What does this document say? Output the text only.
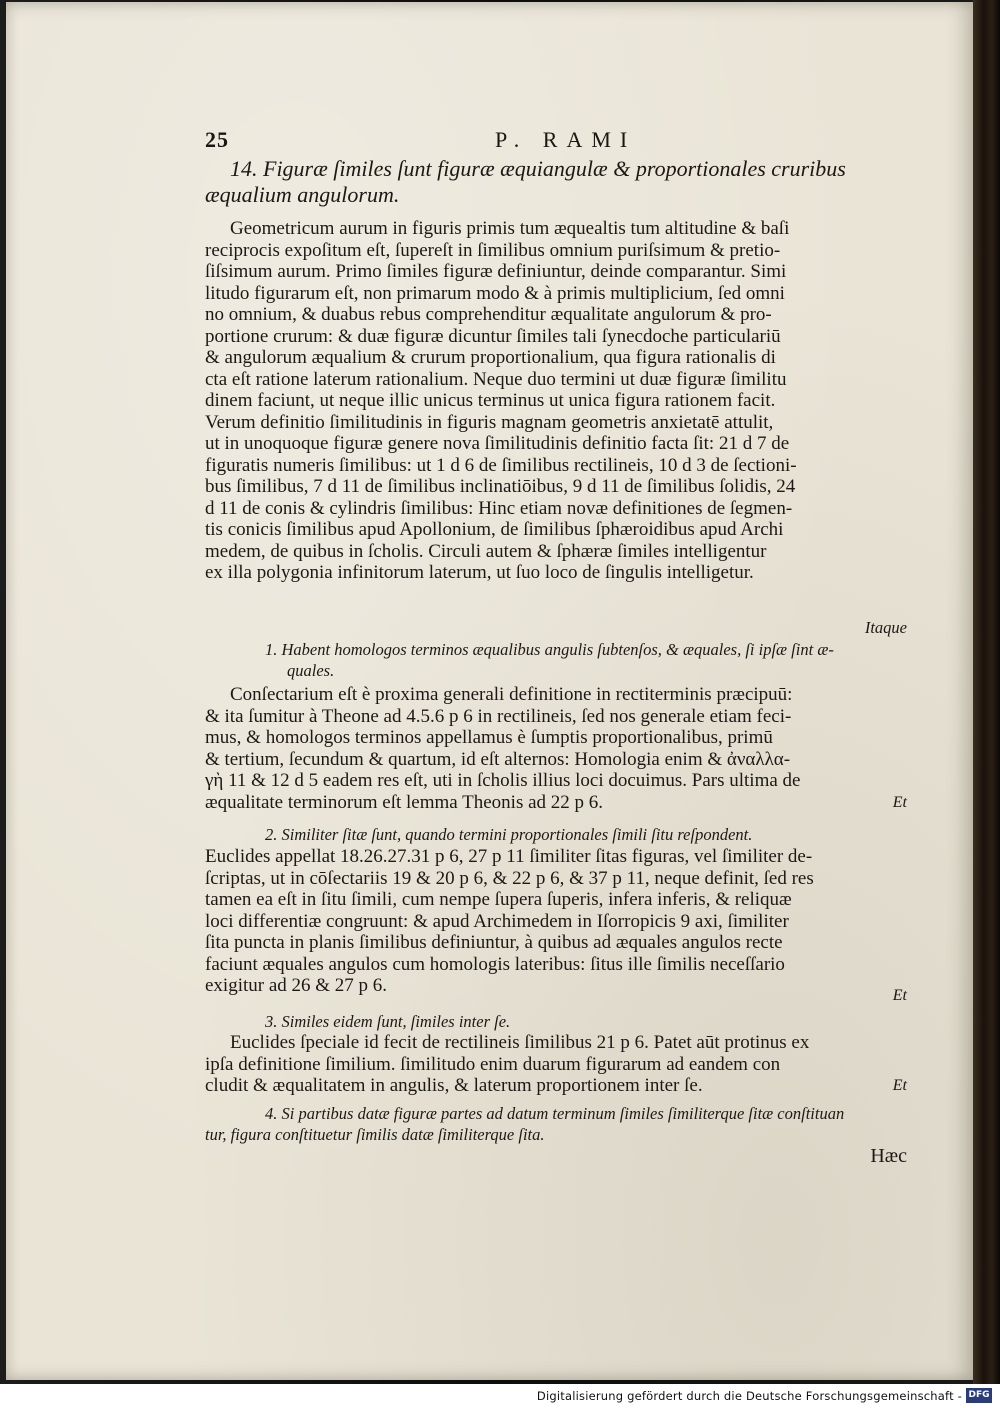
25	P. RAMI
14. Figuræ ſimiles ſunt figuræ æquiangulæ & proportionales cruribus
æqualium angulorum.
Geometricum aurum in figuris primis tum æquealtis tum altitudine & baſi
reciprocis expoſitum eſt, ſupereſt in ſimilibus omnium puriſsimum & pretio-
ſiſsimum aurum. Primo ſimiles figuræ definiuntur, deinde comparantur. Simi
litudo figurarum eſt, non primarum modo & à primis multiplicium, ſed omni
no omnium, & duabus rebus comprehenditur æqualitate angulorum & pro-
portione crurum: & duæ figuræ dicuntur ſimiles tali ſynecdoche particulariū
& angulorum æqualium & crurum proportionalium, qua figura rationalis di
cta eſt ratione laterum rationalium. Neque duo termini ut duæ figuræ ſimilitu
dinem faciunt, ut neque illic unicus terminus ut unica figura rationem facit.
Verum definitio ſimilitudinis in figuris magnam geometris anxietatē attulit,
ut in unoquoque figuræ genere nova ſimilitudinis definitio facta ſit: 21 d 7 de
figuratis numeris ſimilibus: ut 1 d 6 de ſimilibus rectilineis, 10 d 3 de ſectioni-
bus ſimilibus, 7 d 11 de ſimilibus inclinatiōibus, 9 d 11 de ſimilibus ſolidis, 24
d 11 de conis & cylindris ſimilibus: Hinc etiam novæ definitiones de ſegmen-
tis conicis ſimilibus apud Apollonium, de ſimilibus ſphæroidibus apud Archi
medem, de quibus in ſcholis. Circuli autem & ſphæræ ſimiles intelligentur
ex illa polygonia infinitorum laterum, ut ſuo loco de ſingulis intelligetur.
Itaque
1. Habent homologos terminos æqualibus angulis ſubtenſos, & æquales, ſi ipſæ ſint æ-
quales.
Conſectarium eſt è proxima generali definitione in rectiterminis præcipuū:
& ita ſumitur à Theone ad 4.5.6 p 6 in rectilineis, ſed nos generale etiam feci-
mus, & homologos terminos appellamus è ſumptis proportionalibus, primū
& tertium, ſecundum & quartum, id eſt alternos: Homologia enim & ἀναλλα-
γὴ 11 & 12 d 5 eadem res eſt, uti in ſcholis illius loci docuimus. Pars ultima de
æqualitate terminorum eſt lemma Theonis ad 22 p 6.	Et
2. Similiter ſitæ ſunt, quando termini proportionales ſimili ſitu reſpondent.
Euclides appellat 18.26.27.31 p 6, 27 p 11 ſimiliter ſitas figuras, vel ſimiliter de-
ſcriptas, ut in cōſectariis 19 & 20 p 6, & 22 p 6, & 37 p 11, neque definit, ſed res
tamen ea eſt in ſitu ſimili, cum nempe ſupera ſuperis, infera inferis, & reliquæ
loci differentiæ congruunt: & apud Archimedem in Iſorropicis 9 axi, ſimiliter
ſita puncta in planis ſimilibus definiuntur, à quibus ad æquales angulos recte
faciunt æquales angulos cum homologis lateribus: ſitus ille ſimilis neceſſario
exigitur ad 26 & 27 p 6.	Et
3. Similes eidem ſunt, ſimiles inter ſe.
Euclides ſpeciale id fecit de rectilineis ſimilibus 21 p 6. Patet aūt protinus ex
ipſa definitione ſimilium. ſimilitudo enim duarum figurarum ad eandem con
cludit & æqualitatem in angulis, & laterum proportionem inter ſe.	Et
4. Si partibus datæ figuræ partes ad datum terminum ſimiles ſimiliterque ſitæ conſtituan
tur, figura conſtituetur ſimilis datæ ſimiliterque ſita.
Hæc
Digitalisierung gefördert durch die Deutsche Forschungsgemeinschaft - DFG
